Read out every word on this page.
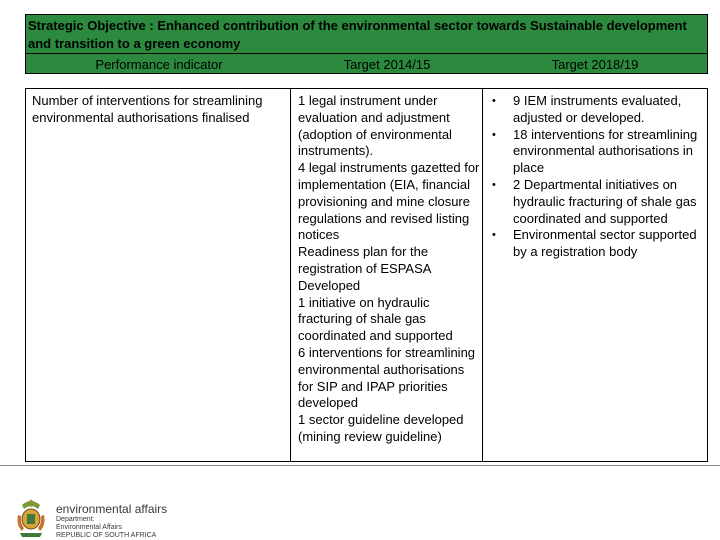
Strategic Objective : Enhanced contribution of the environmental sector towards Sustainable development and transition to a green economy
Performance indicator	Target 2014/15	Target 2018/19
Number of interventions for streamlining environmental authorisations finalised
1 legal instrument under evaluation and adjustment (adoption of environmental instruments).
4 legal instruments gazetted for implementation (EIA, financial provisioning and mine closure regulations and revised listing notices
Readiness plan for the registration of ESPASA Developed
1 initiative on hydraulic fracturing of shale gas coordinated and supported
6 interventions for streamlining environmental authorisations for SIP and IPAP priorities developed
1 sector guideline developed (mining review guideline)
• 9 IEM instruments evaluated, adjusted or developed.
• 18 interventions for streamlining environmental authorisations in place
• 2 Departmental initiatives on hydraulic fracturing of shale gas coordinated and supported
• Environmental sector supported by a registration body
environmental affairs
Department:
Environmental Affairs
REPUBLIC OF SOUTH AFRICA
